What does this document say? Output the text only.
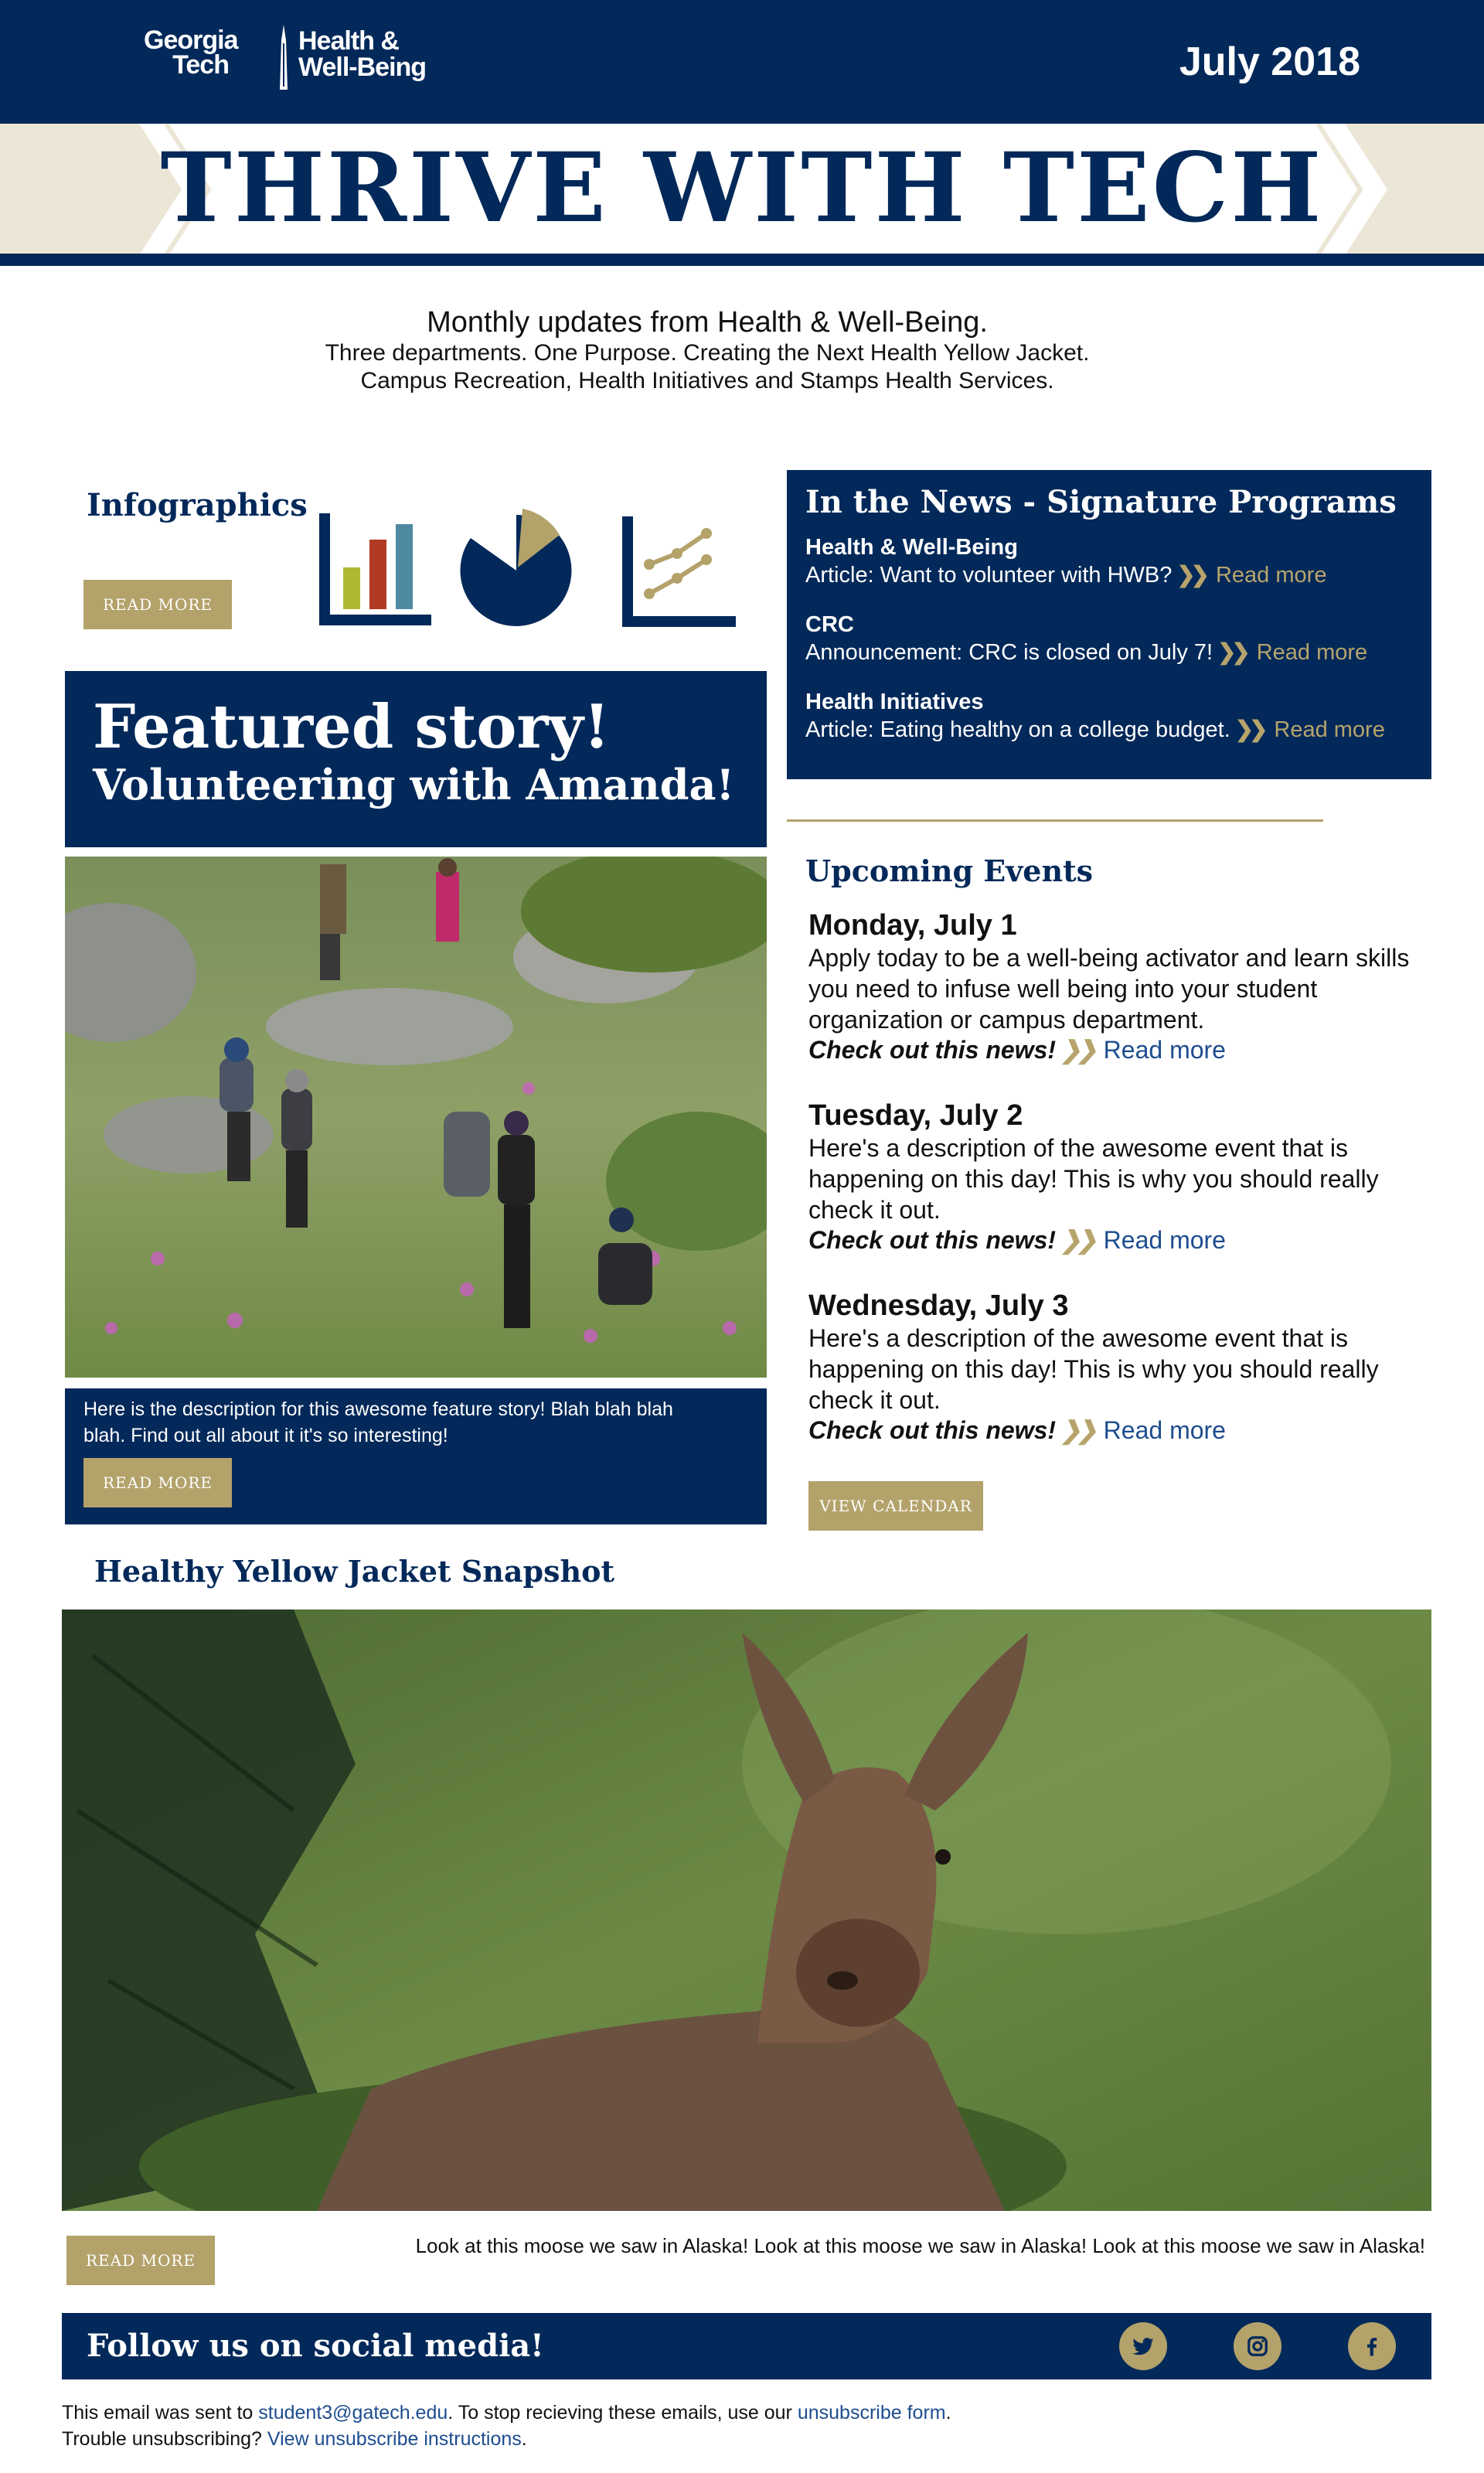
Georgia Tech
Health &
Well-Being	July 2018
THRIVE WITH TECH
Monthly updates from Health & Well-Being.
Three departments. One Purpose. Creating the Next Health Yellow Jacket.
Campus Recreation, Health Initiatives and Stamps Health Services.
Infographics
READ MORE
In the News - Signature Programs
Health & Well-Being
Article: Want to volunteer with HWB? ❯❯ Read more
CRC
Announcement: CRC is closed on July 7! ❯❯ Read more
Health Initiatives
Article: Eating healthy on a college budget. ❯❯ Read more
Featured story!
Volunteering with Amanda!
Here is the description for this awesome feature story! Blah blah blah blah. Find out all about it it's so interesting!
READ MORE
Upcoming Events
Monday, July 1
Apply today to be a well-being activator and learn skills you need to infuse well being into your student organization or campus department.
Check out this news! ❯❯ Read more
Tuesday, July 2
Here's a description of the awesome event that is happening on this day! This is why you should really check it out.
Check out this news! ❯❯ Read more
Wednesday, July 3
Here's a description of the awesome event that is happening on this day! This is why you should really check it out.
Check out this news! ❯❯ Read more
VIEW CALENDAR
Healthy Yellow Jacket Snapshot
READ MORE
Look at this moose we saw in Alaska! Look at this moose we saw in Alaska! Look at this moose we saw in Alaska!
Follow us on social media!
This email was sent to student3@gatech.edu. To stop recieving these emails, use our unsubscribe form.
Trouble unsubscribing? View unsubscribe instructions.
